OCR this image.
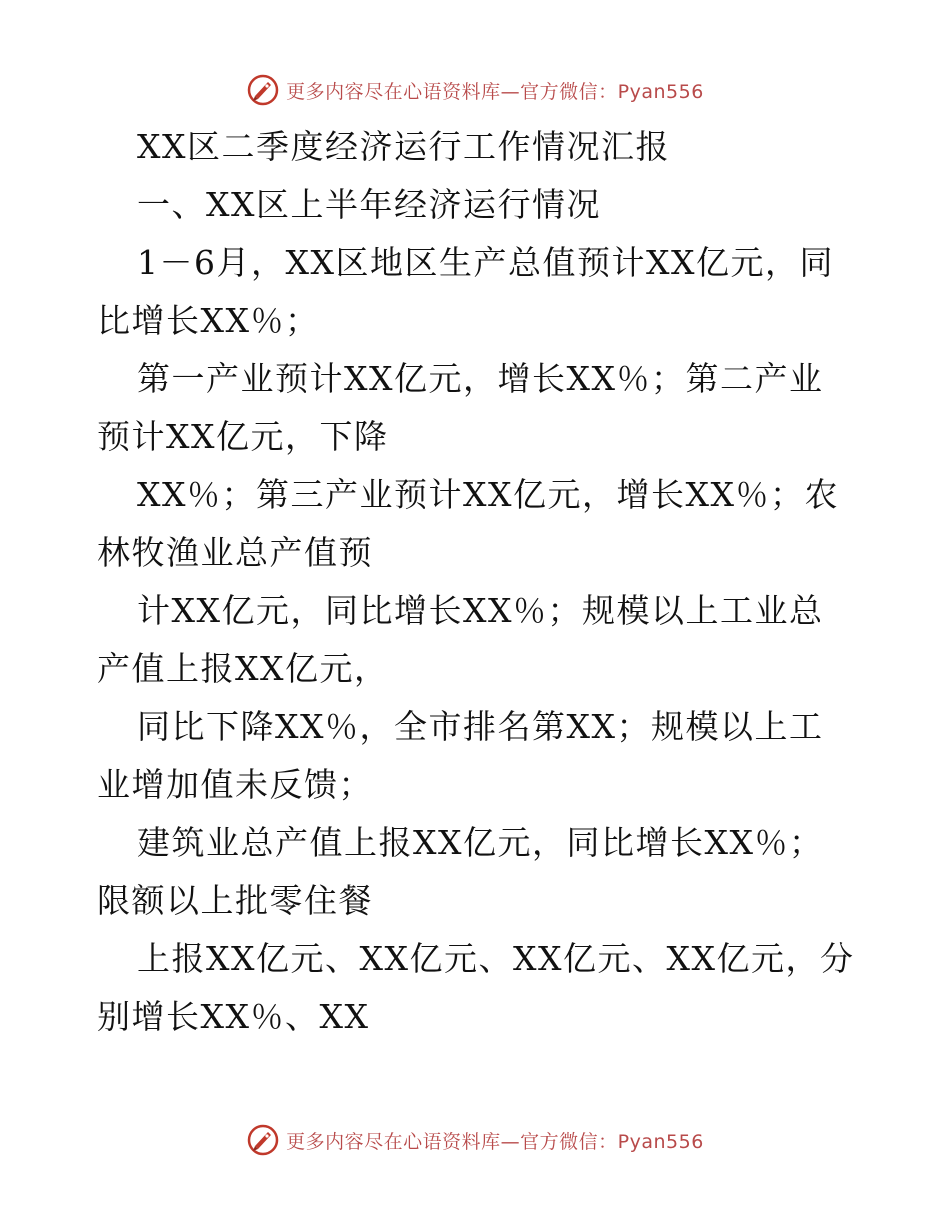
更多内容尽在心语资料库—官方微信：Pyan556

XX区二季度经济运行工作情况汇报

一、XX区上半年经济运行情况

1－6月，XX区地区生产总值预计XX亿元，同比增长XX％；

第一产业预计XX亿元，增长XX％；第二产业预计XX亿元，下降

XX％；第三产业预计XX亿元，增长XX％；农林牧渔业总产值预

计XX亿元，同比增长XX％；规模以上工业总产值上报XX亿元，

同比下降XX％，全市排名第XX；规模以上工业增加值未反馈；

建筑业总产值上报XX亿元，同比增长XX％；限额以上批零住餐

上报XX亿元、XX亿元、XX亿元、XX亿元，分别增长XX％、XX

更多内容尽在心语资料库—官方微信：Pyan556
